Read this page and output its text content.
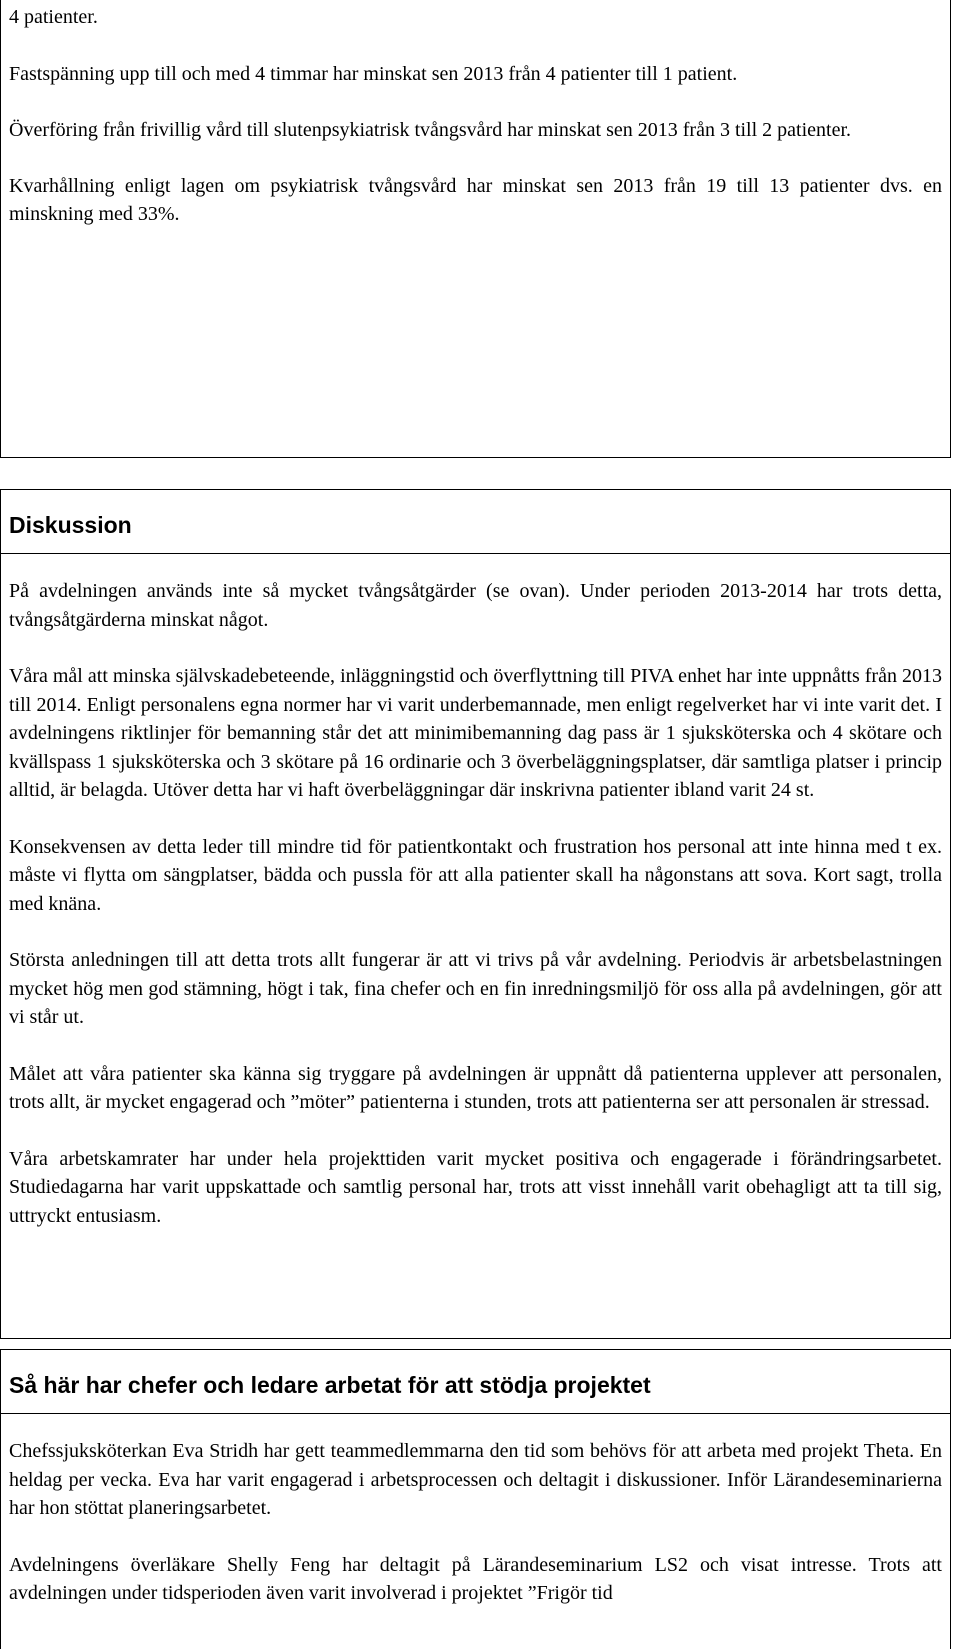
4 patienter.

Fastspänning upp till och med 4 timmar har minskat sen 2013 från 4 patienter till 1 patient.

Överföring från frivillig vård till slutenpsykiatrisk tvångsvård har minskat sen 2013 från 3 till 2 patienter.

Kvarhållning enligt lagen om psykiatrisk tvångsvård har minskat sen 2013 från 19 till 13 patienter dvs. en minskning med 33%.

Diskussion

På avdelningen används inte så mycket tvångsåtgärder (se ovan). Under perioden 2013-2014 har trots detta, tvångsåtgärderna minskat något.

Våra mål att minska självskadebeteende, inläggningstid och överflyttning till PIVA enhet har inte uppnåtts från 2013 till 2014. Enligt personalens egna normer har vi varit underbemannade, men enligt regelverket har vi inte varit det. I avdelningens riktlinjer för bemanning står det att minimibemanning dag pass är 1 sjuksköterska och 4 skötare och kvällspass 1 sjuksköterska och 3 skötare på 16 ordinarie och 3 överbeläggningsplatser, där samtliga platser i princip alltid, är belagda. Utöver detta har vi haft överbeläggningar där inskrivna patienter ibland varit 24 st.

Konsekvensen av detta leder till mindre tid för patientkontakt och frustration hos personal att inte hinna med t ex. måste vi flytta om sängplatser, bädda och pussla för att alla patienter skall ha någonstans att sova. Kort sagt, trolla med knäna.

Största anledningen till att detta trots allt fungerar är att vi trivs på vår avdelning. Periodvis är arbetsbelastningen mycket hög men god stämning, högt i tak, fina chefer och en fin inredningsmiljö för oss alla på avdelningen, gör att vi står ut.

Målet att våra patienter ska känna sig tryggare på avdelningen är uppnått då patienterna upplever att personalen, trots allt, är mycket engagerad och ”möter” patienterna i stunden, trots att patienterna ser att personalen är stressad.

Våra arbetskamrater har under hela projekttiden varit mycket positiva och engagerade i förändringsarbetet. Studiedagarna har varit uppskattade och samtlig personal har, trots att visst innehåll varit obehagligt att ta till sig, uttryckt entusiasm.

Så här har chefer och ledare arbetat för att stödja projektet

Chefssjuksköterkan Eva Stridh har gett teammedlemmarna den tid som behövs för att arbeta med projekt Theta. En heldag per vecka. Eva har varit engagerad i arbetsprocessen och deltagit i diskussioner. Inför Lärandeseminarierna har hon stöttat planeringsarbetet.

Avdelningens överläkare Shelly Feng har deltagit på Lärandeseminarium LS2 och visat intresse. Trots att avdelningen under tidsperioden även varit involverad i projektet ”Frigör tid
